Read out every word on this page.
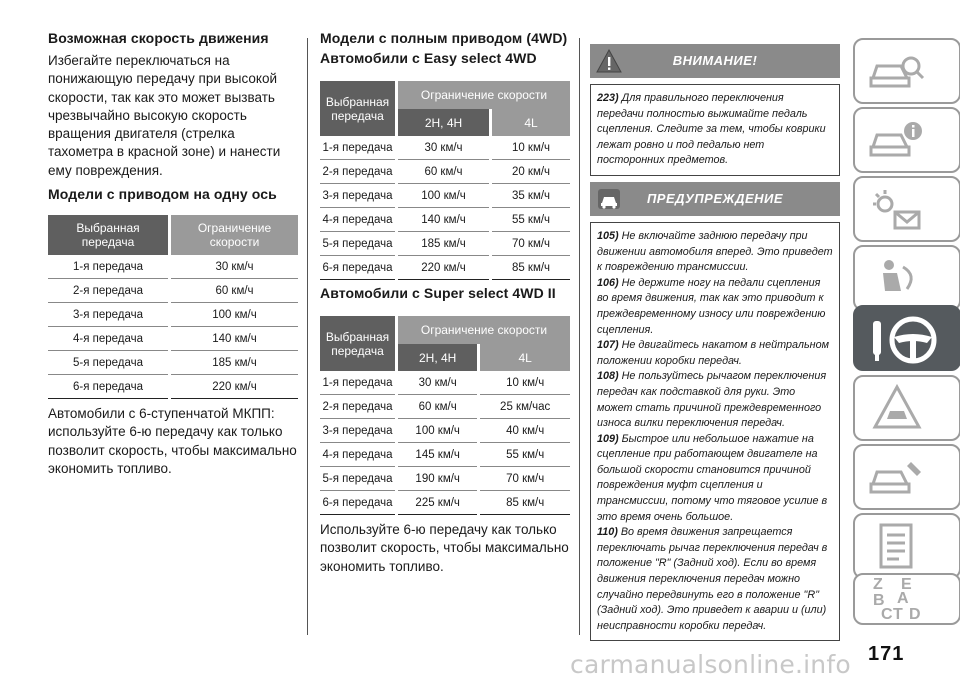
Возможная скорость движения

Избегайте переключаться на понижающую передачу при высокой скорости, так как это может вызвать чрезвычайно высокую скорость вращения двигателя (стрелка тахометра в красной зоне) и нанести ему повреждения.

Модели с приводом на одну ось
Выбранная передача		Ограничение скорости
1-я передача		30 км/ч
2-я передача		60 км/ч
3-я передача		100 км/ч
4-я передача		140 км/ч
5-я передача		185 км/ч
6-я передача		220 км/ч

Автомобили с 6-ступенчатой МКПП: используйте 6-ю передачу как только позволит скорость, чтобы максимально экономить топливо.

Модели с полным приводом (4WD)
Автомобили с Easy select 4WD
Выбранная передача		Ограничение скорости		
		2H, 4H		4L
1-я передача		30 км/ч		10 км/ч
2-я передача		60 км/ч		20 км/ч
3-я передача		100 км/ч		35 км/ч
4-я передача		140 км/ч		55 км/ч
5-я передача		185 км/ч		70 км/ч
6-я передача		220 км/ч		85 км/ч
Автомобили с Super select 4WD II
Выбранная передача		Ограничение скорости		
		2H, 4H		4L
1-я передача		30 км/ч		10 км/ч
2-я передача		60 км/ч		25 км/час
3-я передача		100 км/ч		40 км/ч
4-я передача		145 км/ч		55 км/ч
5-я передача		190 км/ч		70 км/ч
6-я передача		225 км/ч		85 км/ч

Используйте 6-ю передачу как только позволит скорость, чтобы максимально экономить топливо.

ВНИМАНИЕ!
223) Для правильного переключения передачи полностью выжимайте педаль сцепления. Следите за тем, чтобы коврики лежат ровно и под педалью нет посторонних предметов.
ПРЕДУПРЕЖДЕНИЕ
105) Не включайте заднюю передачу при движении автомобиля вперед. Это приведет к повреждению трансмиссии.
106) Не держите ногу на педали сцепления во время движения, так как это приводит к преждевременному износу или повреждению сцепления.
107) Не двигайтесь накатом в нейтральном положении коробки передач.
108) Не пользуйтесь рычагом переключения передач как подставкой для руки. Это может стать причиной преждевременного износа вилки переключения передач.
109) Быстрое или небольшое нажатие на сцепление при работающем двигателе на большой скорости становится причиной повреждения муфт сцепления и трансмиссии, потому что тяговое усилие в это время очень большое.
110) Во время движения запрещается переключать рычаг переключения передач в положение "R" (Задний ход). Если во время движения переключения передач можно случайно передвинуть его в положение "R" (Задний ход). Это приведет к аварии и (или) неисправности коробки передач.
Z E
B A
C T D
171
carmanualsonline.info
